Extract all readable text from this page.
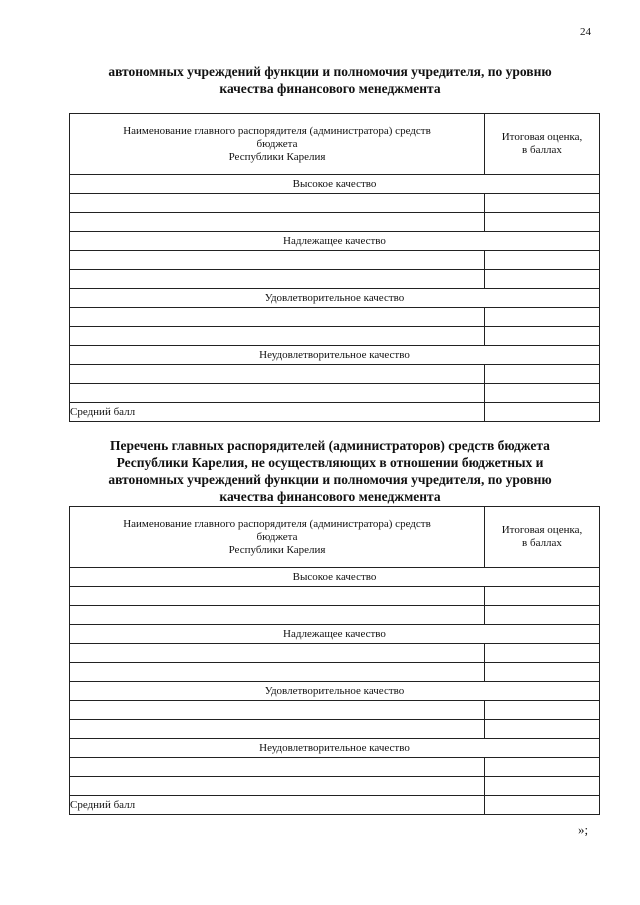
24
автономных учреждений функции и полномочия учредителя, по уровню
качества финансового менеджмента
Наименование главного распорядителя (администратора) средств
бюджета
Республики Карелия	Итоговая оценка,
в баллах

Высокое качество	

Надлежащее качество	

Удовлетворительное качество	

Неудовлетворительное качество	

Средний балл	
Перечень главных распорядителей (администраторов) средств бюджета
Республики Карелия, не осуществляющих в отношении бюджетных и
автономных учреждений функции и полномочия учредителя, по уровню
качества финансового менеджмента
Наименование главного распорядителя (администратора) средств
бюджета
Республики Карелия	Итоговая оценка,
в баллах

Высокое качество	

Надлежащее качество	

Удовлетворительное качество	

Неудовлетворительное качество	

Средний балл	
»;
